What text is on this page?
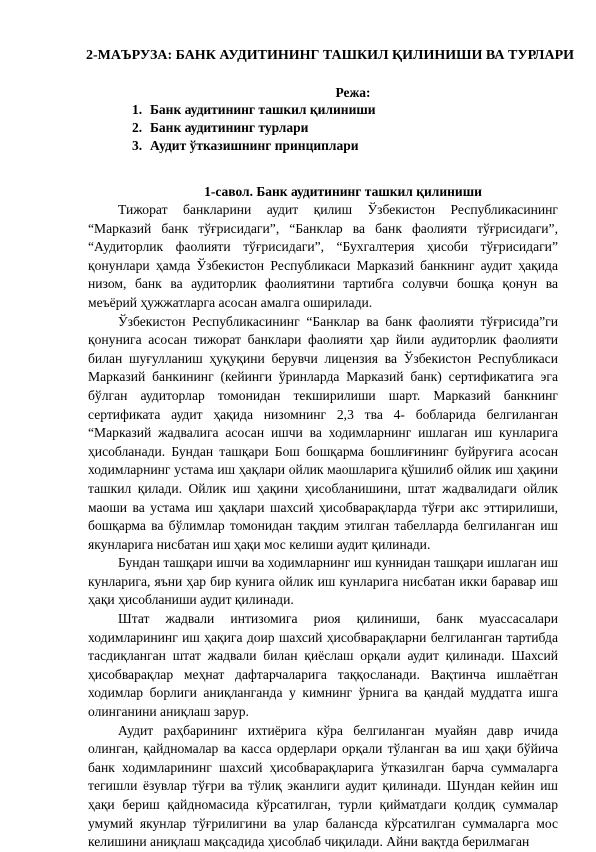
2-МАЪРУЗА: БАНК АУДИТИНИНГ ТАШКИЛ ҚИЛИНИШИ ВА ТУРЛАРИ
Режа:
1. Банк аудитининг ташкил қилиниши
2. Банк аудитининг турлари
3. Аудит ўтказишнинг принциплари
1-савол. Банк аудитининг ташкил қилиниши

Тижорат банкларини аудит қилиш Ўзбекистон Республикасининг “Марказий банк тўғрисидаги”, “Банклар ва банк фаолияти тўғрисидаги”, “Аудиторлик фаолияти тўғрисидаги”, “Бухгалтерия ҳисоби тўғрисидаги” қонунлари ҳамда Ўзбекистон Республикаси Марказий банкнинг аудит ҳақида низом, банк ва аудиторлик фаолиятини тартибга солувчи бошқа қонун ва меъёрий ҳужжатларга асосан амалга оширилади.

Ўзбекистон Республикасининг “Банклар ва банк фаолияти тўғрисида”ги қонунига асосан тижорат банклари фаолияти ҳар йили аудиторлик фаолияти билан шуғулланиш ҳуқуқини берувчи лицензия ва Ўзбекистон Республикаси Марказий банкининг (кейинги ўринларда Марказий банк) сертификатига эга бўлган аудиторлар томонидан текширилиши шарт. Марказий банкнинг сертификата аудит ҳақида низомнинг 2,3 тва 4- бобларида белгиланган “Марказий жадвалига асосан ишчи ва ходимларнинг ишлаган иш кунларига ҳисобланади. Бундан ташқари Бош бошқарма бошлиғининг буйруғига асосан ходимларнинг устама иш ҳақлари ойлик маошларига қўшилиб ойлик иш ҳақини ташкил қилади. Ойлик иш ҳақини ҳисобланишини, штат жадвалидаги ойлик маоши ва устама иш ҳақлари шахсий ҳисобварақларда тўғри акс эттирилиши, бошқарма ва бўлимлар томонидан тақдим этилган табелларда белгиланган иш якунларига нисбатан иш ҳақи мос келиши аудит қилинади.

Бундан ташқари ишчи ва ходимларнинг иш куннидан ташқари ишлаган иш кунларига, яъни ҳар бир кунига ойлик иш кунларига нисбатан икки баравар иш ҳақи ҳисобланиши аудит қилинади.

Штат жадвали интизомига риоя қилиниши, банк муассасалари ходимларининг иш ҳақига доир шахсий ҳисобварақларни белгиланган тартибда тасдиқланган штат жадвали билан қиёслаш орқали аудит қилинади. Шахсий ҳисобварақлар меҳнат дафтарчаларига таққосланади. Вақтинча ишлаётган ходимлар борлиги аниқланганда у кимнинг ўрнига ва қандай муддатга ишга олинганини аниқлаш зарур.

Аудит раҳбарининг ихтиёрига кўра белгиланган муайян давр ичида олинган, қайдномалар ва касса ордерлари орқали тўланган ва иш ҳақи бўйича банк ходимларининг шахсий ҳисобварақларига ўтказилган барча суммаларга тегишли ёзувлар тўғри ва тўлиқ эканлиги аудит қилинади. Шундан кейин иш ҳақи бериш қайдномасида кўрсатилган, турли қийматдаги қолдиқ суммалар умумий якунлар тўғрилигини ва улар балансда кўрсатилган суммаларга мос келишини аниқлаш мақсадида ҳисоблаб чиқилади. Айни вақтда берилмаган
